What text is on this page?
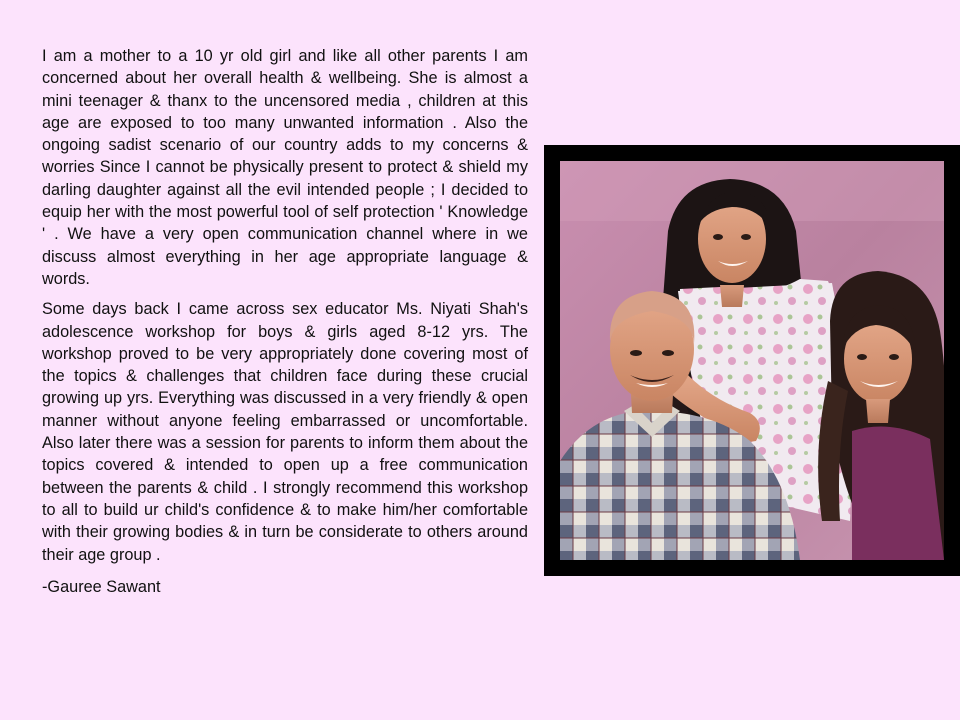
I am a mother to a 10 yr old girl and like all other parents I am concerned about her overall health & wellbeing. She is almost a mini teenager & thanx to the uncensored media , children at this age are exposed to too many unwanted information . Also the ongoing sadist scenario of our country adds to my concerns & worries Since I cannot be physically present to protect & shield my darling daughter against all the evil intended people ; I decided to equip her with the most powerful tool of self protection ' Knowledge ' . We have a very open communication channel where in we discuss almost everything in her age appropriate language & words.

Some days back I came across sex educator Ms. Niyati Shah's adolescence workshop for boys & girls aged 8-12 yrs. The workshop proved to be very appropriately done covering most of the topics & challenges that children face during these crucial growing up yrs. Everything was discussed in a very friendly & open manner without anyone feeling embarrassed or uncomfortable. Also later there was a session for parents to inform them about the topics covered & intended to open up a free communication between the parents & child . I strongly recommend this workshop to all to build ur child's confidence & to make him/her comfortable with their growing bodies & in turn be considerate to others around their age group .

-Gauree Sawant
